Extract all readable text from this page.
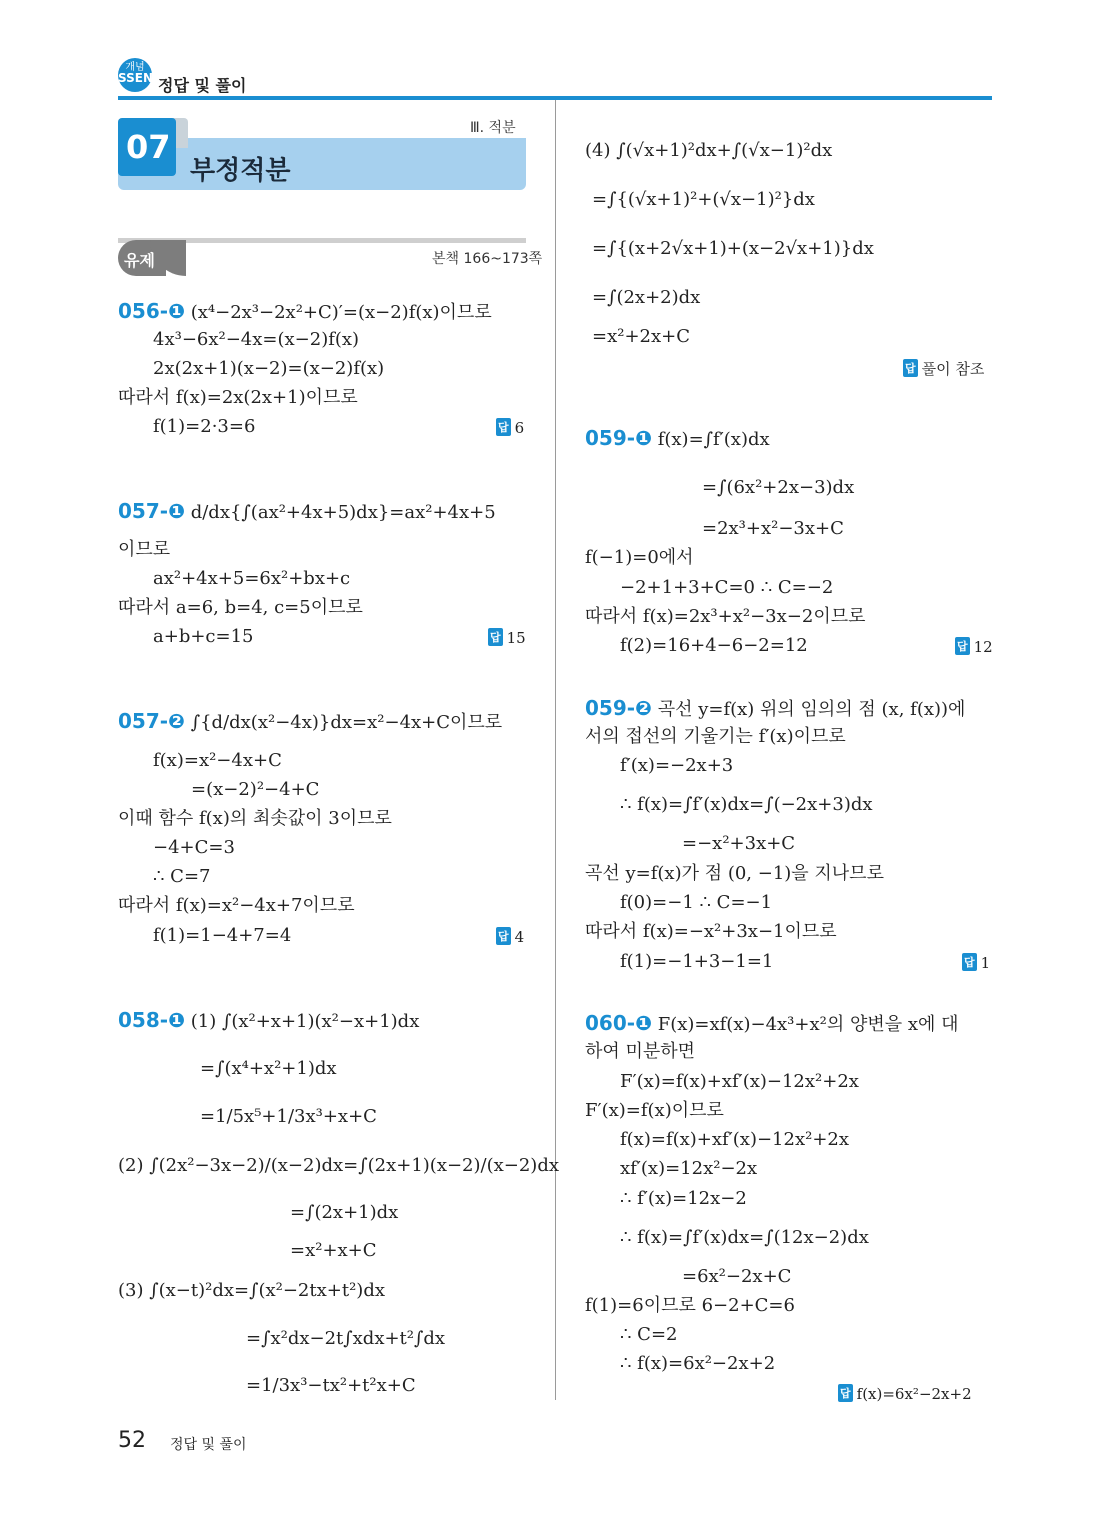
개념
SSEN 정답 및 풀이
07
부정적분
Ⅲ. 적분
유제	본책 166~173쪽
056-❶ (x⁴−2x³−2x²+C)′=(x−2)f(x)이므로
4x³−6x²−4x=(x−2)f(x)
2x(2x+1)(x−2)=(x−2)f(x)
따라서 f(x)=2x(2x+1)이므로
f(1)=2·3=6	답 6
057-❶ d/dx{∫(ax²+4x+5)dx}=ax²+4x+5
이므로
ax²+4x+5=6x²+bx+c
따라서 a=6, b=4, c=5이므로
a+b+c=15	답 15
057-❷ ∫{d/dx(x²−4x)}dx=x²−4x+C이므로
f(x)=x²−4x+C
=(x−2)²−4+C
이때 함수 f(x)의 최솟값이 3이므로
−4+C=3
∴ C=7
따라서 f(x)=x²−4x+7이므로
f(1)=1−4+7=4	답 4
058-❶ (1) ∫(x²+x+1)(x²−x+1)dx
=∫(x⁴+x²+1)dx
=1/5x⁵+1/3x³+x+C
(2) ∫(2x²−3x−2)/(x−2)dx=∫(2x+1)(x−2)/(x−2)dx
=∫(2x+1)dx
=x²+x+C
(3) ∫(x−t)²dx=∫(x²−2tx+t²)dx
=∫x²dx−2t∫xdx+t²∫dx
=1/3x³−tx²+t²x+C
(4) ∫(√x+1)²dx+∫(√x−1)²dx
=∫{(√x+1)²+(√x−1)²}dx
=∫{(x+2√x+1)+(x−2√x+1)}dx
=∫(2x+2)dx
=x²+2x+C
답 풀이 참조
059-❶ f(x)=∫f′(x)dx
=∫(6x²+2x−3)dx
=2x³+x²−3x+C
f(−1)=0에서
−2+1+3+C=0 ∴ C=−2
따라서 f(x)=2x³+x²−3x−2이므로
f(2)=16+4−6−2=12	답 12
059-❷ 곡선 y=f(x) 위의 임의의 점 (x, f(x))에
서의 접선의 기울기는 f′(x)이므로
f′(x)=−2x+3
∴ f(x)=∫f′(x)dx=∫(−2x+3)dx
=−x²+3x+C
곡선 y=f(x)가 점 (0, −1)을 지나므로
f(0)=−1 ∴ C=−1
따라서 f(x)=−x²+3x−1이므로
f(1)=−1+3−1=1	답 1
060-❶ F(x)=xf(x)−4x³+x²의 양변을 x에 대
하여 미분하면
F′(x)=f(x)+xf′(x)−12x²+2x
F′(x)=f(x)이므로
f(x)=f(x)+xf′(x)−12x²+2x
xf′(x)=12x²−2x
∴ f′(x)=12x−2
∴ f(x)=∫f′(x)dx=∫(12x−2)dx
=6x²−2x+C
f(1)=6이므로 6−2+C=6
∴ C=2
∴ f(x)=6x²−2x+2
답 f(x)=6x²−2x+2
52 정답 및 풀이
